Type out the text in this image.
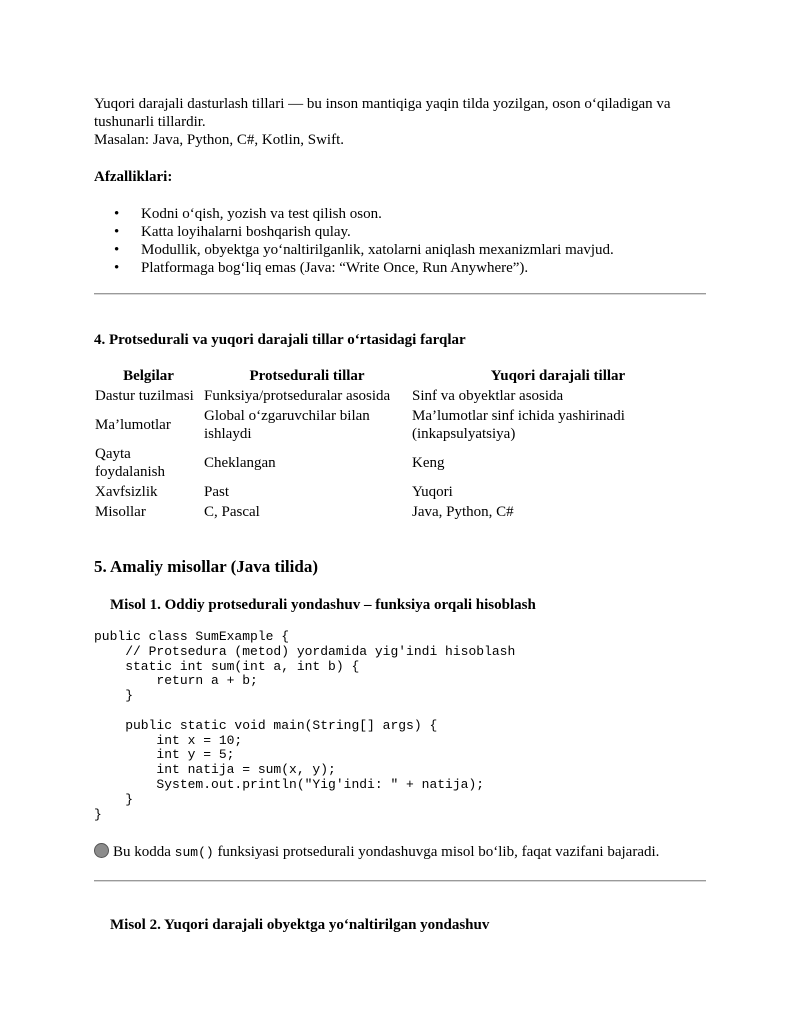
Yuqori darajali dasturlash tillari — bu inson mantiqiga yaqin tilda yozilgan, oson o‘qiladigan va tushunarli tillardir.

Masalan: Java, Python, C#, Kotlin, Swift.

Afzalliklari:

• Kodni o‘qish, yozish va test qilish oson.
• Katta loyihalarni boshqarish qulay.
• Modullik, obyektga yo‘naltirilganlik, xatolarni aniqlash mexanizmlari mavjud.
• Platformaga bog‘liq emas (Java: “Write Once, Run Anywhere”).

4. Protsedurali va yuqori darajali tillar o‘rtasidagi farqlar

Belgilar	Protsedurali tillar	Yuqori darajali tillar
Dastur tuzilmasi	Funksiya/protseduralar asosida	Sinf va obyektlar asosida
Ma’lumotlar	Global o‘zgaruvchilar bilan ishlaydi	Ma’lumotlar sinf ichida yashirinadi (inkapsulyatsiya)
Qayta foydalanish	Cheklangan	Keng
Xavfsizlik	Past	Yuqori
Misollar	C, Pascal	Java, Python, C#
5. Amaliy misollar (Java tilida)
Misol 1. Oddiy protsedurali yondashuv – funksiya orqali hisoblash
public class SumExample {
// Protsedura (metod) yordamida yig'indi hisoblash
static int sum(int a, int b) {
return a + b;
}

public static void main(String[] args) {
int x = 10;
int y = 5;
int natija = sum(x, y);
System.out.println("Yig'indi: " + natija);
}
}
Bu kodda sum() funksiyasi protsedurali yondashuvga misol bo‘lib, faqat vazifani bajaradi.
Misol 2. Yuqori darajali obyektga yo‘naltirilgan yondashuv
